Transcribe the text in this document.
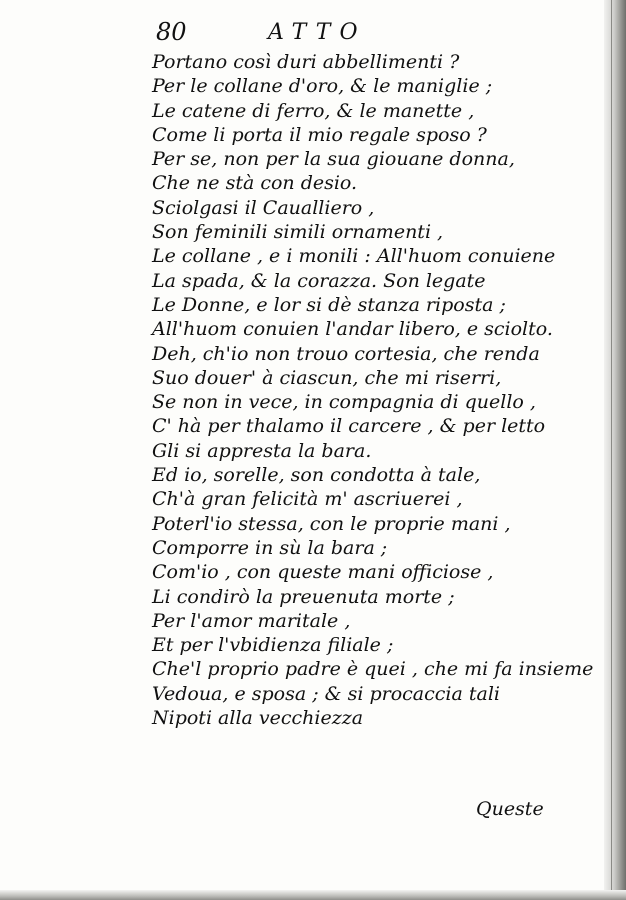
80	ATTO
Portano così duri abbellimenti ?
Per le collane d'oro, & le maniglie ;
Le catene di ferro, & le manette ,
Come li porta il mio regale sposo ?
Per se, non per la sua giouane donna,
Che ne stà con desio.
Sciolgasi il Caualliero ,
Son feminili simili ornamenti ,
Le collane , e i monili : All'huom conuiene
La spada, & la corazza. Son legate
Le Donne, e lor si dè stanza riposta ;
All'huom conuien l'andar libero, e sciolto.
Deh, ch'io non trouo cortesia, che renda
Suo douer' à ciascun, che mi riserri,
Se non in vece, in compagnia di quello ,
C' hà per thalamo il carcere , & per letto
Gli si appresta la bara.
Ed io, sorelle, son condotta à tale,
Ch'à gran felicità m' ascriuerei ,
Poterl'io stessa, con le proprie mani ,
Comporre in sù la bara ;
Com'io , con queste mani officiose ,
Li condirò la preuenuta morte ;
Per l'amor maritale ,
Et per l'vbidienza filiale ;
Che'l proprio padre è quei , che mi fa insieme
Vedoua, e sposa ; & si procaccia tali
Nipoti alla vecchiezza
Queste
